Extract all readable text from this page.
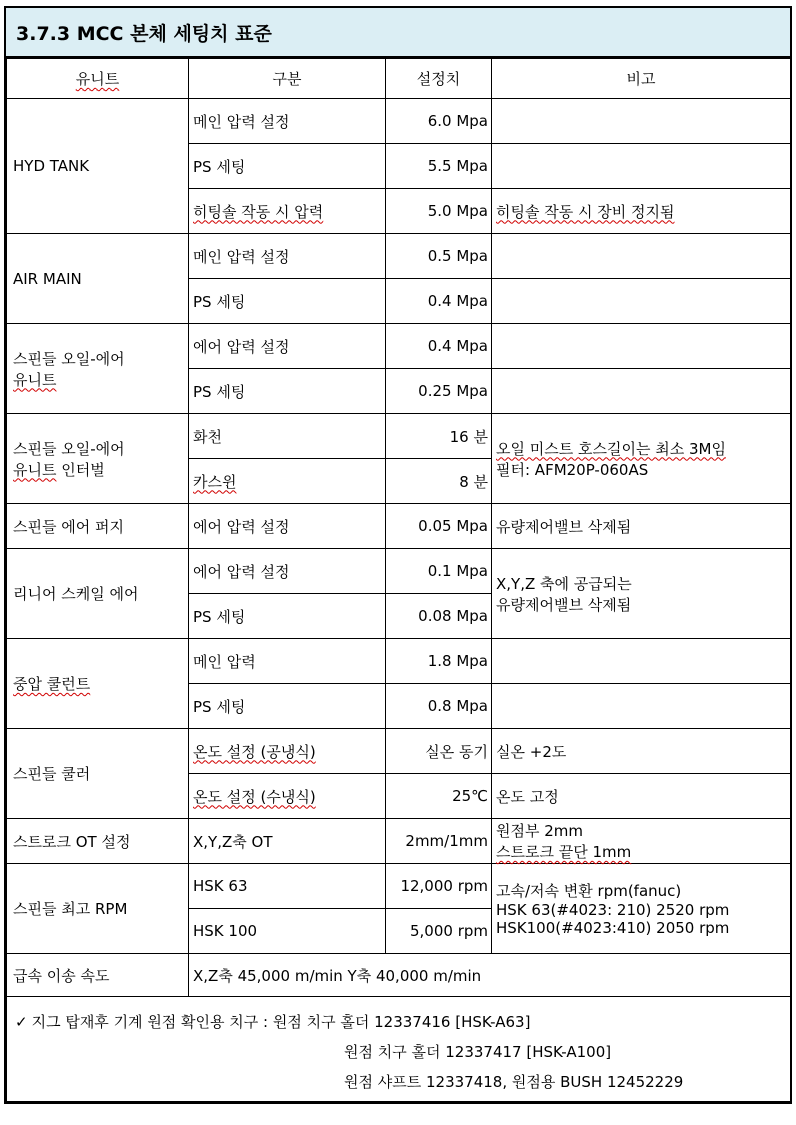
3.7.3 MCC 본체 세팅치 표준
유니트	구분	설정치	비고
HYD TANK	메인 압력 설정	6.0 Mpa	
	PS 세팅	5.5 Mpa	
	히팅솔 작동 시 압력	5.0 Mpa	히팅솔 작동 시 장비 정지됨
AIR MAIN	메인 압력 설정	0.5 Mpa	
	PS 세팅	0.4 Mpa	
스핀들 오일-에어
유니트	에어 압력 설정	0.4 Mpa	
	PS 세팅	0.25 Mpa	
스핀들 오일-에어
유니트 인터벌	화천	16 분	오일 미스트 호스길이는 최소 3M임
필터: AFM20P-060AS
	카스윈	8 분	
스핀들 에어 퍼지	에어 압력 설정	0.05 Mpa	유량제어밸브 삭제됨
리니어 스케일 에어	에어 압력 설정	0.1 Mpa	X,Y,Z 축에 공급되는
유량제어밸브 삭제됨
	PS 세팅	0.08 Mpa	
중압 쿨런트	메인 압력	1.8 Mpa	
	PS 세팅	0.8 Mpa	
스핀들 쿨러	온도 설정 (공냉식)	실온 동기	실온 +2도
	온도 설정 (수냉식)	25℃	온도 고정
스트로크 OT 설정	X,Y,Z축 OT	2mm/1mm	원점부 2mm
스트로크 끝단 1mm
스핀들 최고 RPM	HSK 63	12,000 rpm	고속/저속 변환 rpm(fanuc)
HSK 63(#4023: 210) 2520 rpm
HSK100(#4023:410) 2050 rpm
	HSK 100	5,000 rpm	
급속 이송 속도	X,Z축 45,000 m/min Y축 40,000 m/min		

✓ 지그 탑재후 기계 원점 확인용 치구 : 원점 치구 홀더 12337416 [HSK-A63]
원점 치구 홀더 12337417 [HSK-A100]
원점 샤프트 12337418, 원점용 BUSH 12452229			
